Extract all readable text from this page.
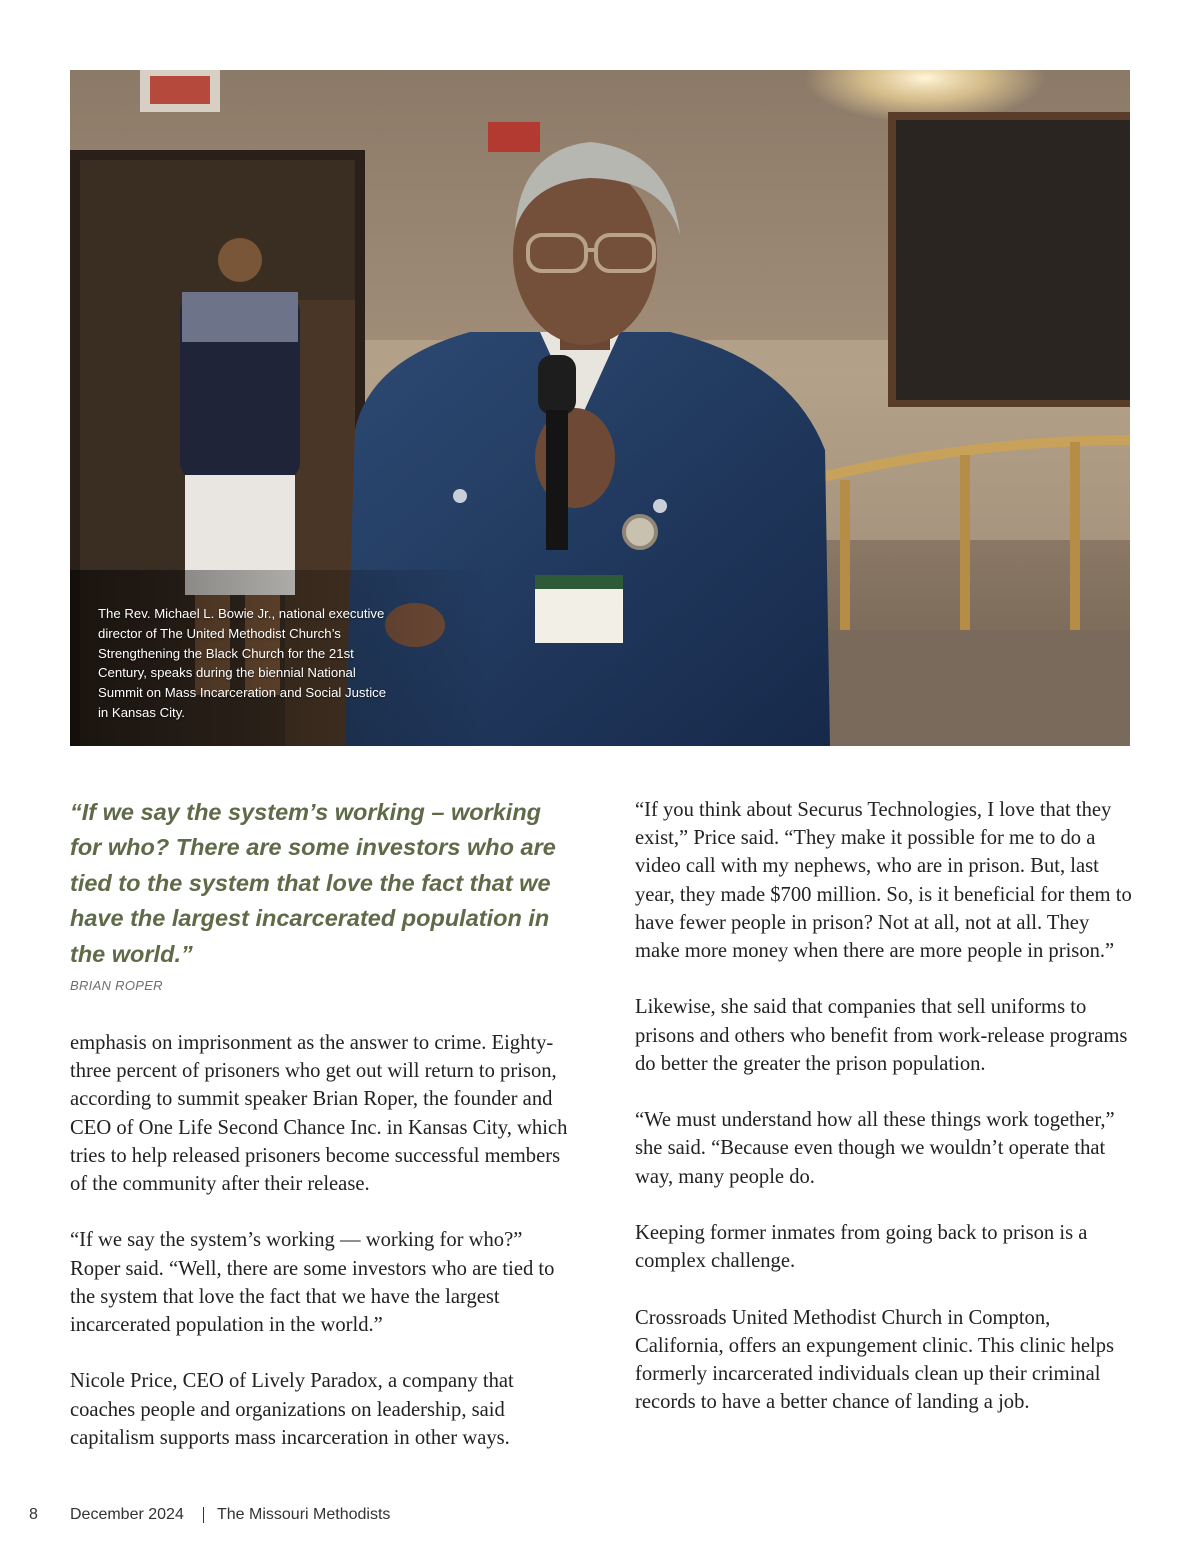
The Rev. Michael L. Bowie Jr., national executive director of The United Methodist Church’s Strengthening the Black Church for the 21st Century, speaks during the biennial National Summit on Mass Incarceration and Social Justice in Kansas City.

“If we say the system’s working – working for who? There are some investors who are tied to the system that love the fact that we have the largest incarcerated population in the world.”

BRIAN ROPER

emphasis on imprisonment as the answer to crime. Eighty-three percent of prisoners who get out will return to prison, according to summit speaker Brian Roper, the founder and CEO of One Life Second Chance Inc. in Kansas City, which tries to help released prisoners become successful members of the community after their release.

“If we say the system’s working — working for who?” Roper said. “Well, there are some investors who are tied to the system that love the fact that we have the largest incarcerated population in the world.”

Nicole Price, CEO of Lively Paradox, a company that coaches people and organizations on leadership, said capitalism supports mass incarceration in other ways.

“If you think about Securus Technologies, I love that they exist,” Price said. “They make it possible for me to do a video call with my nephews, who are in prison. But, last year, they made $700 million. So, is it beneficial for them to have fewer people in prison? Not at all, not at all. They make more money when there are more people in prison.”

Likewise, she said that companies that sell uniforms to prisons and others who benefit from work-release programs do better the greater the prison population.

“We must understand how all these things work together,” she said. “Because even though we wouldn’t operate that way, many people do.

Keeping former inmates from going back to prison is a complex challenge.

Crossroads United Methodist Church in Compton, California, offers an expungement clinic. This clinic helps formerly incarcerated individuals clean up their criminal records to have a better chance of landing a job.

8 December 2024 The Missouri Methodists
